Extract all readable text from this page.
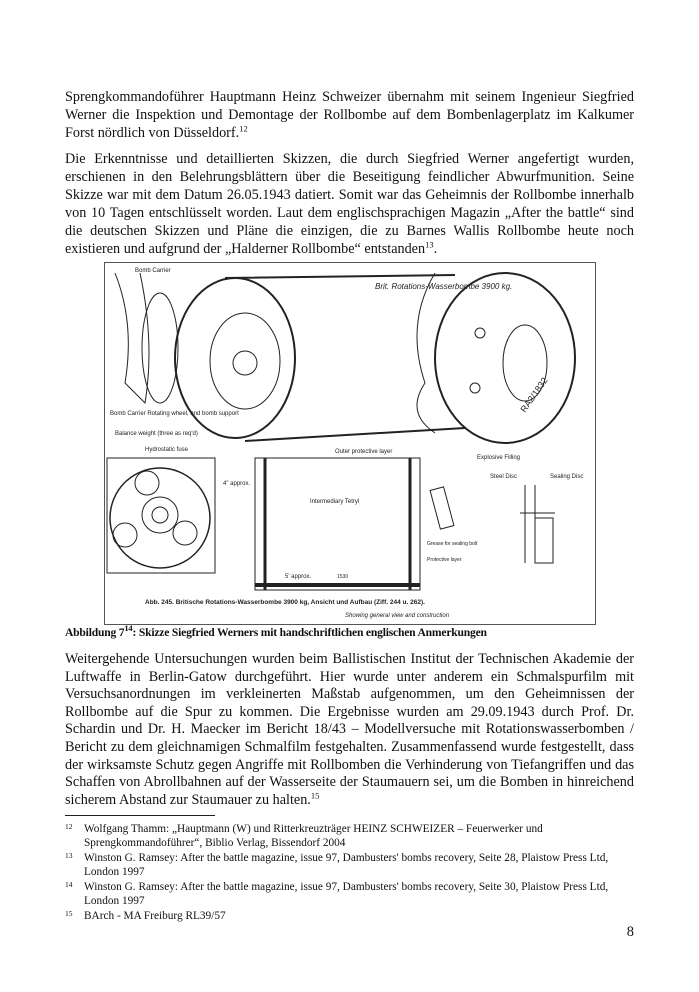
Sprengkommandoführer Hauptmann Heinz Schweizer übernahm mit seinem Ingenieur Siegfried Werner die Inspektion und Demontage der Rollbombe auf dem Bombenlagerplatz im Kalkumer Forst nördlich von Düsseldorf.$^{12}$
Die Erkenntnisse und detaillierten Skizzen, die durch Siegfried Werner angefertigt wurden, erschienen in den Belehrungsblättern über die Beseitigung feindlicher Abwurfmunition. Seine Skizze war mit dem Datum 26.05.1943 datiert. Somit war das Geheimnis der Rollbombe innerhalb von 10 Tagen entschlüsselt worden. Laut dem englischsprachigen Magazin „After the battle“ sind die deutschen Skizzen und Pläne die einzigen, die zu Barnes Wallis Rollbombe heute noch existieren und aufgrund der „Halderner Rollbombe“ entstanden$^{13}$.
RA2/1832
Brit. Rotations-Wasserbombe 3900 kg.
Bomb Carrier
Bomb Carrier Rotating wheel, and bomb support
Balance weight (three as req'd)
Hydrostatic fuse
Intermediary Tetryl
Outer protective layer
4" approx.
5' approx.	1530
Grease for sealing bolt
Protective layer
Explosive Filling
Steel Disc	Sealing Disc
Abb. 245. Britische Rotations-Wasserbombe 3900 kg, Ansicht und Aufbau (Ziff. 244 u. 262).
Showing general view and construction
Abbildung $7^{14}$: Skizze Siegfried Werners mit handschriftlichen englischen Anmerkungen
Weitergehende Untersuchungen wurden beim Ballistischen Institut der Technischen Akademie der Luftwaffe in Berlin-Gatow durchgeführt. Hier wurde unter anderem ein Schmalspurfilm mit Versuchsanordnungen im verkleinerten Maßstab aufgenommen, um den Geheimnissen der Rollbombe auf die Spur zu kommen. Die Ergebnisse wurden am 29.09.1943 durch Prof. Dr. Schardin und Dr. H. Maecker im Bericht 18/43 – Modellversuche mit Rotationswasserbomben / Bericht zu dem gleichnamigen Schmalfilm festgehalten. Zusammenfassend wurde festgestellt, dass der wirksamste Schutz gegen Angriffe mit Rollbomben die Verhinderung von Tiefangriffen und das Schaffen von Abrollbahnen auf der Wasserseite der Staumauern sei, um die Bomben in hinreichend sicherem Abstand zur Staumauer zu halten.$^{15}$
12 Wolfgang Thamm: „Hauptmann (W) und Ritterkreuzträger HEINZ SCHWEIZER – Feuerwerker und Sprengkommandoführer“, Biblio Verlag, Bissendorf 2004
13 Winston G. Ramsey: After the battle magazine, issue 97, Dambusters' bombs recovery, Seite 28, Plaistow Press Ltd, London 1997
14 Winston G. Ramsey: After the battle magazine, issue 97, Dambusters' bombs recovery, Seite 30, Plaistow Press Ltd, London 1997
15 BArch - MA Freiburg RL39/57
8
